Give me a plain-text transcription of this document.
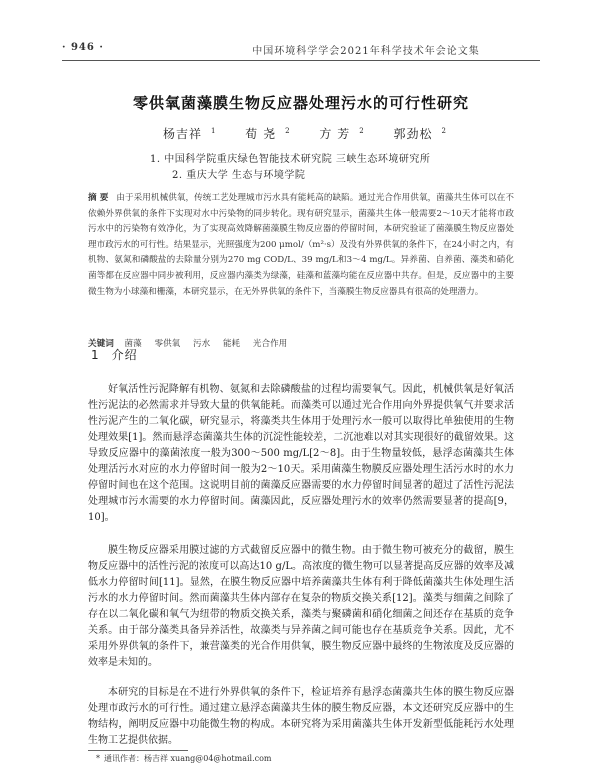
· 946 ·	中国环境科学学会2021年科学技术年会论文集
零供氧菌藻膜生物反应器处理污水的可行性研究
杨吉祥 $^1$ 荀 尧 $^2$ 方 芳 $^2$ 郭劲松 $^2$
1. 中国科学院重庆绿色智能技术研究院 三峡生态环境研究所
2. 重庆大学 生态与环境学院
摘 要 由于采用机械供氧，传统工艺处理城市污水具有能耗高的缺陷。通过光合作用供氧，菌藻共生体可以在不依赖外界供氧的条件下实现对水中污染物的同步转化。现有研究显示，菌藻共生体一般需要2～10天才能将市政污水中的污染物有效净化，为了实现高效降解菌藻膜生物反应器的停留时间，本研究验证了菌藻膜生物反应器处理市政污水的可行性。结果显示，光照强度为200 μmol/（m²·s）及没有外界供氧的条件下，在24小时之内，有机物、氨氮和磷酸盐的去除量分别为270 mg COD/L、39 mg/L和3～4 mg/L。异养菌、自养菌、藻类和硝化菌等都在反应器中同步被利用，反应器内藻类为绿藻，硅藻和蓝藻均能在反应器中共存。但是，反应器中的主要微生物为小球藻和栅藻，本研究显示，在无外界供氧的条件下，当藻膜生物反应器具有很高的处理潜力。
关键词 菌藻 零供氧 污水 能耗 光合作用
1 介绍

好氧活性污泥降解有机物、氨氮和去除磷酸盐的过程均需要氧气。因此，机械供氧是好氧活性污泥法的必然需求并导致大量的供氧能耗。而藻类可以通过光合作用向外界提供氧气并要求活性污泥产生的二氧化碳，研究显示，将藻类共生体用于处理污水一般可以取得比单独使用的生物处理效果[1]。然而悬浮态菌藻共生体的沉淀性能较差，二沉池难以对其实现很好的截留效果。这导致反应器中的藻菌浓度一般为300～500 mg/L[2～8]。由于生物量较低，悬浮态菌藻共生体处理活污水对应的水力停留时间一般为2～10天。采用菌藻生物膜反应器处理生活污水时的水力停留时间也在这个范围。这说明目前的菌藻反应器需要的水力停留时间显著的超过了活性污泥法处理城市污水需要的水力停留时间。菌藻因此，反应器处理污水的效率仍然需要显著的提高[9，10]。

膜生物反应器采用膜过滤的方式截留反应器中的微生物。由于微生物可被充分的截留，膜生物反应器中的活性污泥的浓度可以高达10 g/L。高浓度的微生物可以显著提高反应器的效率及减低水力停留时间[11]。显然，在膜生物反应器中培养菌藻共生体有利于降低菌藻共生体处理生活污水的水力停留时间。然而菌藻共生体内部存在复杂的物质交换关系[12]。藻类与细菌之间除了存在以二氧化碳和氧气为纽带的物质交换关系，藻类与聚磷菌和硝化细菌之间还存在基质的竞争关系。由于部分藻类具备异养活性，故藻类与异养菌之间可能也存在基质竞争关系。因此，尤不采用外界供氧的条件下，兼营藻类的光合作用供氧，膜生物反应器中最终的生物浓度及反应器的效率是未知的。

本研究的目标是在不进行外界供氧的条件下，检证培养有悬浮态菌藻共生体的膜生物反应器处理市政污水的可行性。通过建立悬浮态菌藻共生体的膜生物反应器，本文还研究反应器中的生物结构，阐明反应器中功能微生物的构成。本研究将为采用菌藻共生体开发新型低能耗污水处理生物工艺提供依据。

* 通讯作者：杨吉祥 xuang@04@hotmail.com
